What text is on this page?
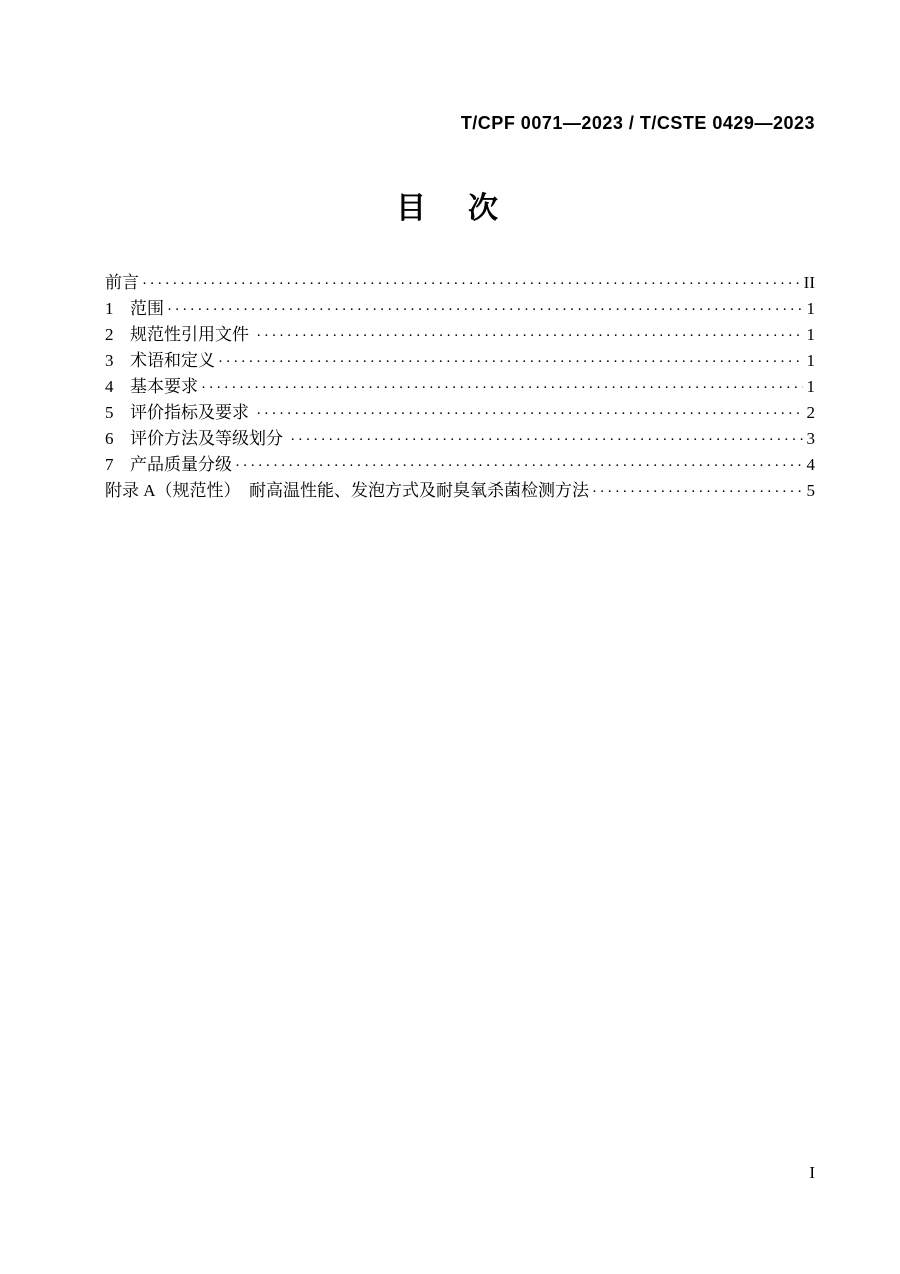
T/CPF 0071—2023 / T/CSTE 0429—2023
目　次
前言 ·····	II
1 范围 ·····	1
2 规范性引用文件 ·····	1
3 术语和定义 ·····	1
4 基本要求 ·····	1
5 评价指标及要求 ·····	2
6 评价方法及等级划分 ·····	3
7 产品质量分级 ·····	4
附录 A（规范性）　耐高温性能、发泡方式及耐臭氧杀菌检测方法 ·····	5
I
